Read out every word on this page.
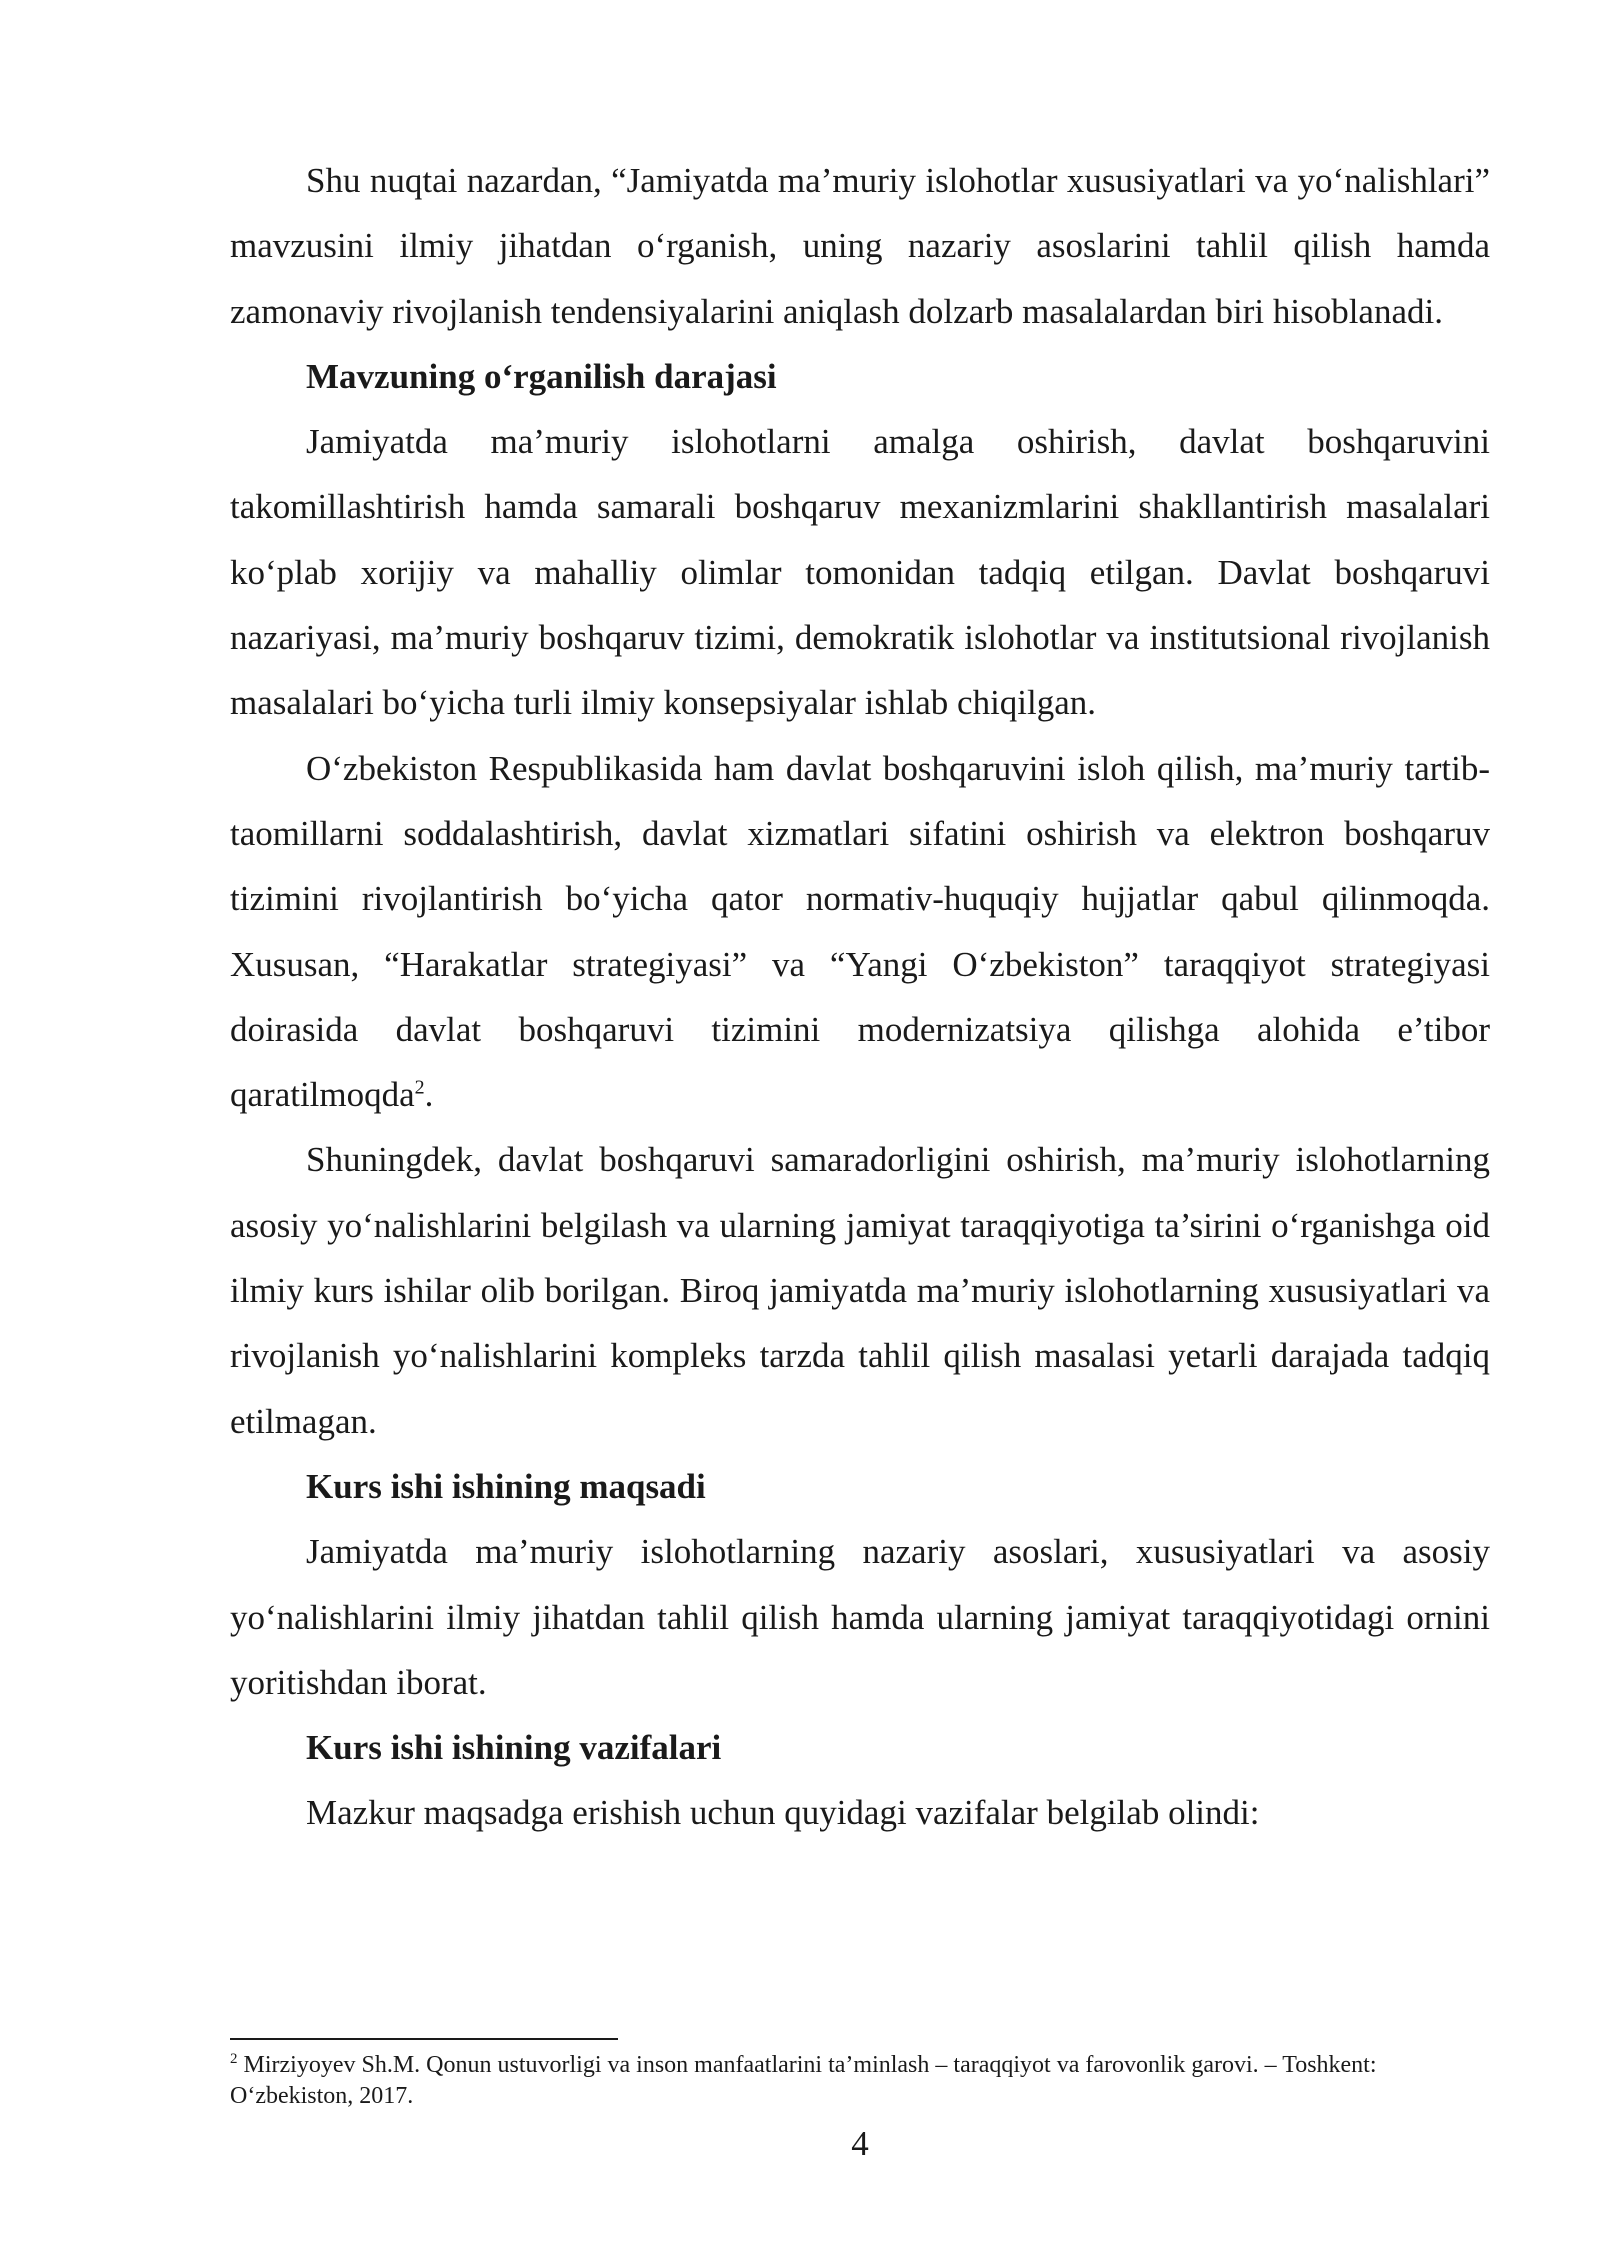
Shu nuqtai nazardan, “Jamiyatda ma’muriy islohotlar xususiyatlari va yo‘nalishlari” mavzusini ilmiy jihatdan o‘rganish, uning nazariy asoslarini tahlil qilish hamda zamonaviy rivojlanish tendensiyalarini aniqlash dolzarb masalalardan biri hisoblanadi.

Mavzuning o‘rganilish darajasi

Jamiyatda ma’muriy islohotlarni amalga oshirish, davlat boshqaruvini takomillashtirish hamda samarali boshqaruv mexanizmlarini shakllantirish masalalari ko‘plab xorijiy va mahalliy olimlar tomonidan tadqiq etilgan. Davlat boshqaruvi nazariyasi, ma’muriy boshqaruv tizimi, demokratik islohotlar va institutsional rivojlanish masalalari bo‘yicha turli ilmiy konsepsiyalar ishlab chiqilgan.

O‘zbekiston Respublikasida ham davlat boshqaruvini isloh qilish, ma’muriy tartib-taomillarni soddalashtirish, davlat xizmatlari sifatini oshirish va elektron boshqaruv tizimini rivojlantirish bo‘yicha qator normativ-huquqiy hujjatlar qabul qilinmoqda. Xususan, “Harakatlar strategiyasi” va “Yangi O‘zbekiston” taraqqiyot strategiyasi doirasida davlat boshqaruvi tizimini modernizatsiya qilishga alohida e’tibor qaratilmoqda$^2$.

Shuningdek, davlat boshqaruvi samaradorligini oshirish, ma’muriy islohotlarning asosiy yo‘nalishlarini belgilash va ularning jamiyat taraqqiyotiga ta’sirini o‘rganishga oid ilmiy kurs ishilar olib borilgan. Biroq jamiyatda ma’muriy islohotlarning xususiyatlari va rivojlanish yo‘nalishlarini kompleks tarzda tahlil qilish masalasi yetarli darajada tadqiq etilmagan.

Kurs ishi ishining maqsadi

Jamiyatda ma’muriy islohotlarning nazariy asoslari, xususiyatlari va asosiy yo‘nalishlarini ilmiy jihatdan tahlil qilish hamda ularning jamiyat taraqqiyotidagi ornini yoritishdan iborat.

Kurs ishi ishining vazifalari

Mazkur maqsadga erishish uchun quyidagi vazifalar belgilab olindi:

$^2$ Mirziyoyev Sh.M. Qonun ustuvorligi va inson manfaatlarini ta’minlash – taraqqiyot va farovonlik garovi. – Toshkent: O‘zbekiston, 2017.

4
